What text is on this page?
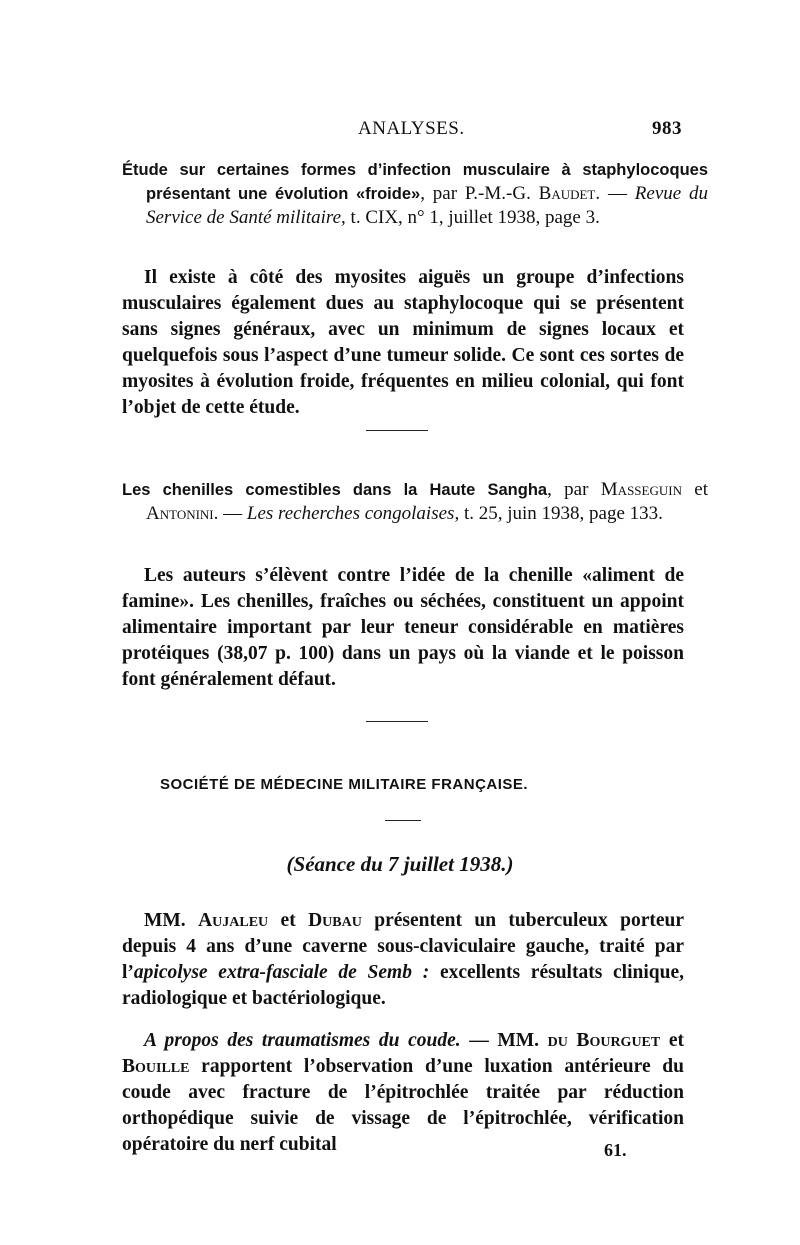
ANALYSES.	983
Étude sur certaines formes d’infection musculaire à staphylocoques présentant une évolution «froide», par P.-M.-G. Baudet. — Revue du Service de Santé militaire, t. CIX, n° 1, juillet 1938, page 3.
Il existe à côté des myosites aiguës un groupe d’infections musculaires également dues au staphylocoque qui se présentent sans signes généraux, avec un minimum de signes locaux et quelquefois sous l’aspect d’une tumeur solide. Ce sont ces sortes de myosites à évolution froide, fréquentes en milieu colonial, qui font l’objet de cette étude.
Les chenilles comestibles dans la Haute Sangha, par Masseguin et Antonini. — Les recherches congolaises, t. 25, juin 1938, page 133.
Les auteurs s’élèvent contre l’idée de la chenille «aliment de famine». Les chenilles, fraîches ou séchées, constituent un appoint alimentaire important par leur teneur considérable en matières protéiques (38,07 p. 100) dans un pays où la viande et le poisson font généralement défaut.
SOCIÉTÉ DE MÉDECINE MILITAIRE FRANÇAISE.
(Séance du 7 juillet 1938.)
MM. Aujaleu et Dubau présentent un tuberculeux porteur depuis 4 ans d’une caverne sous-claviculaire gauche, traité par l’apicolyse extra-fasciale de Semb : excellents résultats clinique, radiologique et bactériologique.
A propos des traumatismes du coude. — MM. du Bourguet et Bouille rapportent l’observation d’une luxation antérieure du coude avec fracture de l’épitrochlée traitée par réduction orthopédique suivie de vissage de l’épitrochlée, vérification opératoire du nerf cubital	61.
